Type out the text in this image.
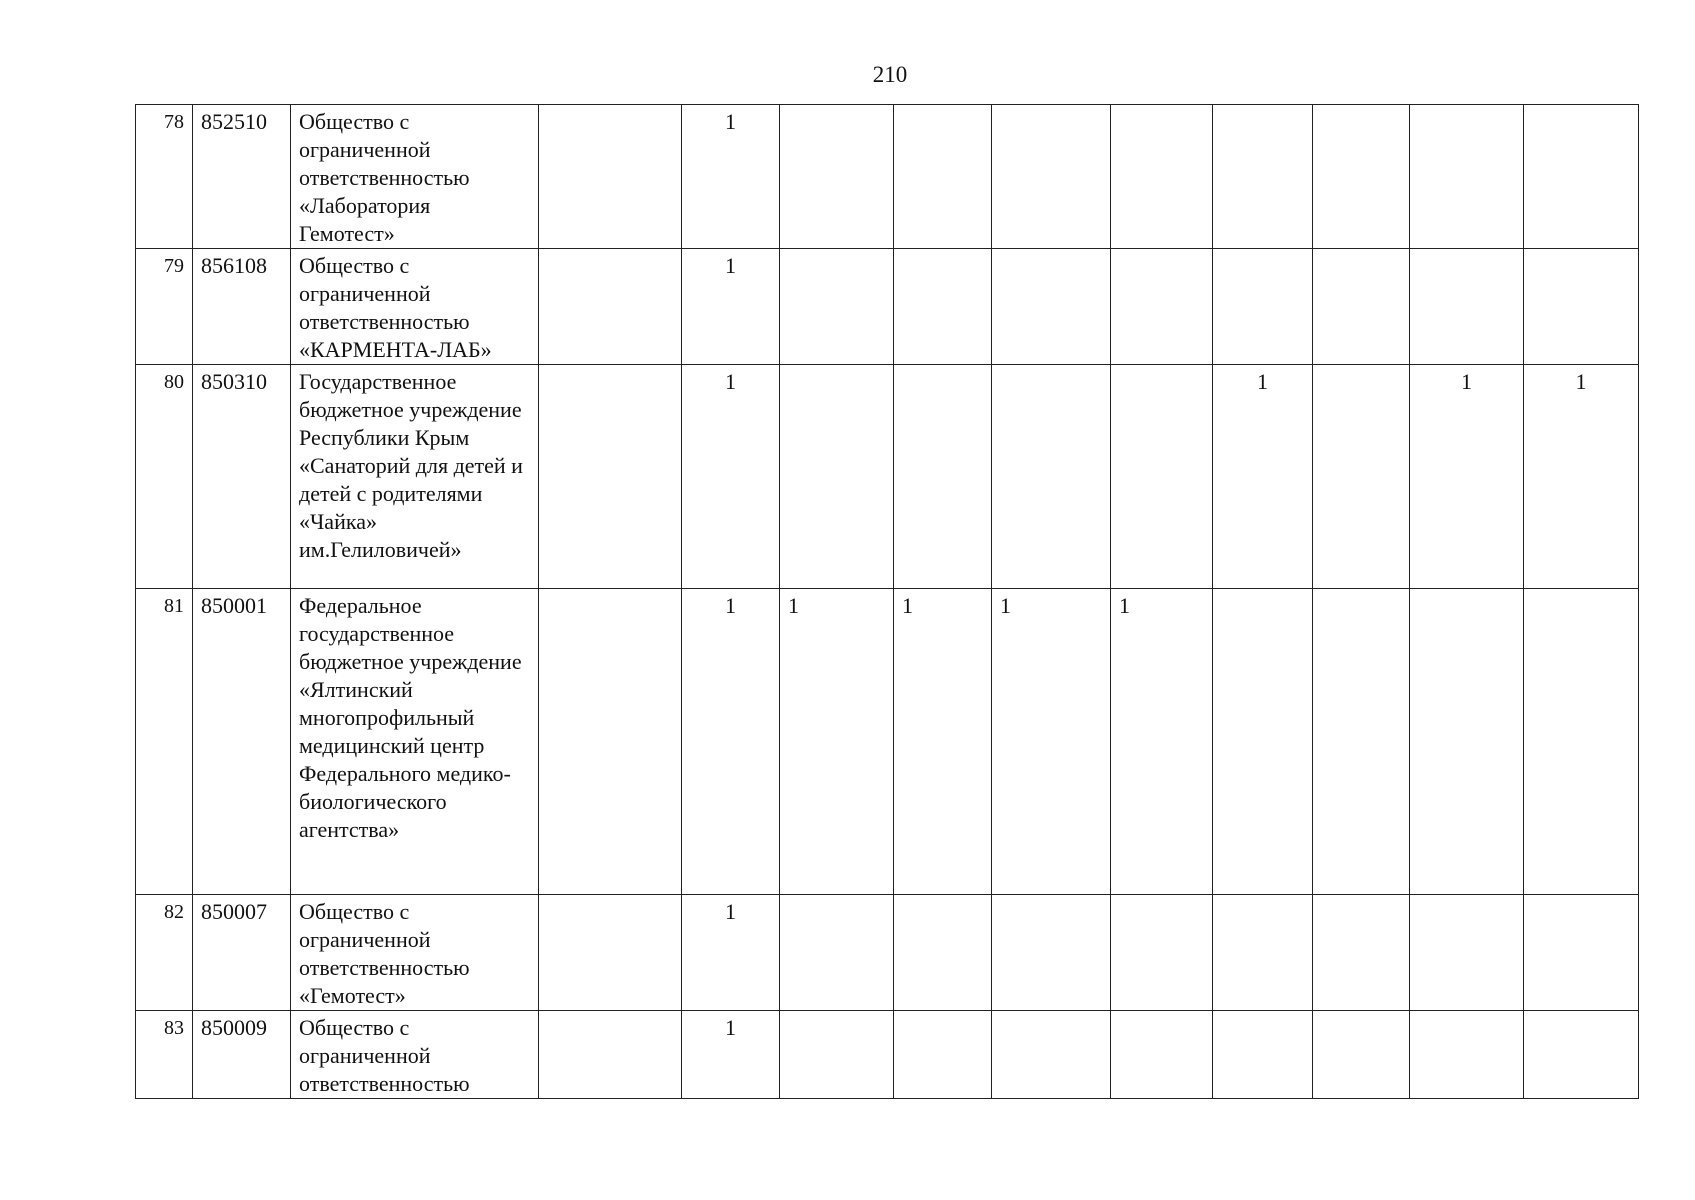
210
78	852510	Общество с ограниченной ответственностью «Лаборатория Гемотест»		1								
79	856108	Общество с ограниченной ответственностью «КАРМЕНТА-ЛАБ»		1								
80	850310	Государственное бюджетное учреждение Республики Крым «Санаторий для детей и детей с родителями «Чайка» им.Гелиловичей»		1					1		1	1
81	850001	Федеральное государственное бюджетное учреждение «Ялтинский многопрофильный медицинский центр Федерального медико-биологического агентства»		1	1	1	1	1				
82	850007	Общество с ограниченной ответственностью «Гемотест»		1								
83	850009	Общество с ограниченной ответственностью		1								
